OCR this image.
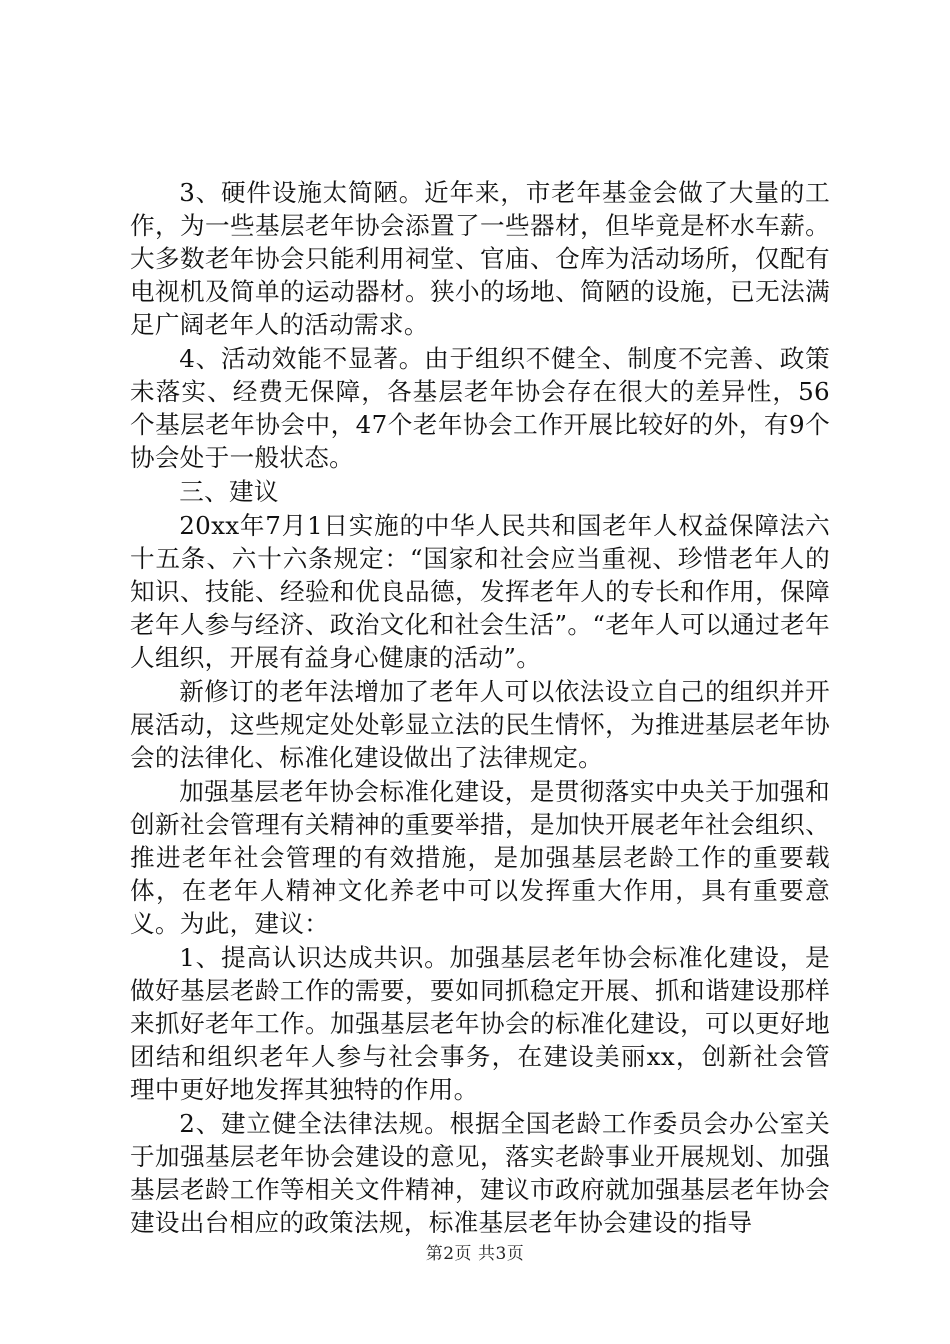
3、硬件设施太简陋。近年来，市老年基金会做了大量的工作，为一些基层老年协会添置了一些器材，但毕竟是杯水车薪。大多数老年协会只能利用祠堂、官庙、仓库为活动场所，仅配有电视机及简单的运动器材。狭小的场地、简陋的设施，已无法满足广阔老年人的活动需求。

4、活动效能不显著。由于组织不健全、制度不完善、政策未落实、经费无保障，各基层老年协会存在很大的差异性，56个基层老年协会中，47个老年协会工作开展比较好的外，有9个协会处于一般状态。

三、建议

20xx年7月1日实施的中华人民共和国老年人权益保障法六十五条、六十六条规定：“国家和社会应当重视、珍惜老年人的知识、技能、经验和优良品德，发挥老年人的专长和作用，保障老年人参与经济、政治文化和社会生活”。“老年人可以通过老年人组织，开展有益身心健康的活动”。

新修订的老年法增加了老年人可以依法设立自己的组织并开展活动，这些规定处处彰显立法的民生情怀，为推进基层老年协会的法律化、标准化建设做出了法律规定。

加强基层老年协会标准化建设，是贯彻落实中央关于加强和创新社会管理有关精神的重要举措，是加快开展老年社会组织、推进老年社会管理的有效措施，是加强基层老龄工作的重要载体，在老年人精神文化养老中可以发挥重大作用，具有重要意义。为此，建议：

1、提高认识达成共识。加强基层老年协会标准化建设，是做好基层老龄工作的需要，要如同抓稳定开展、抓和谐建设那样来抓好老年工作。加强基层老年协会的标准化建设，可以更好地团结和组织老年人参与社会事务，在建设美丽xx，创新社会管理中更好地发挥其独特的作用。

2、建立健全法律法规。根据全国老龄工作委员会办公室关于加强基层老年协会建设的意见，落实老龄事业开展规划、加强基层老龄工作等相关文件精神，建议市政府就加强基层老年协会建设出台相应的政策法规，标准基层老年协会建设的指导

第2页 共3页
